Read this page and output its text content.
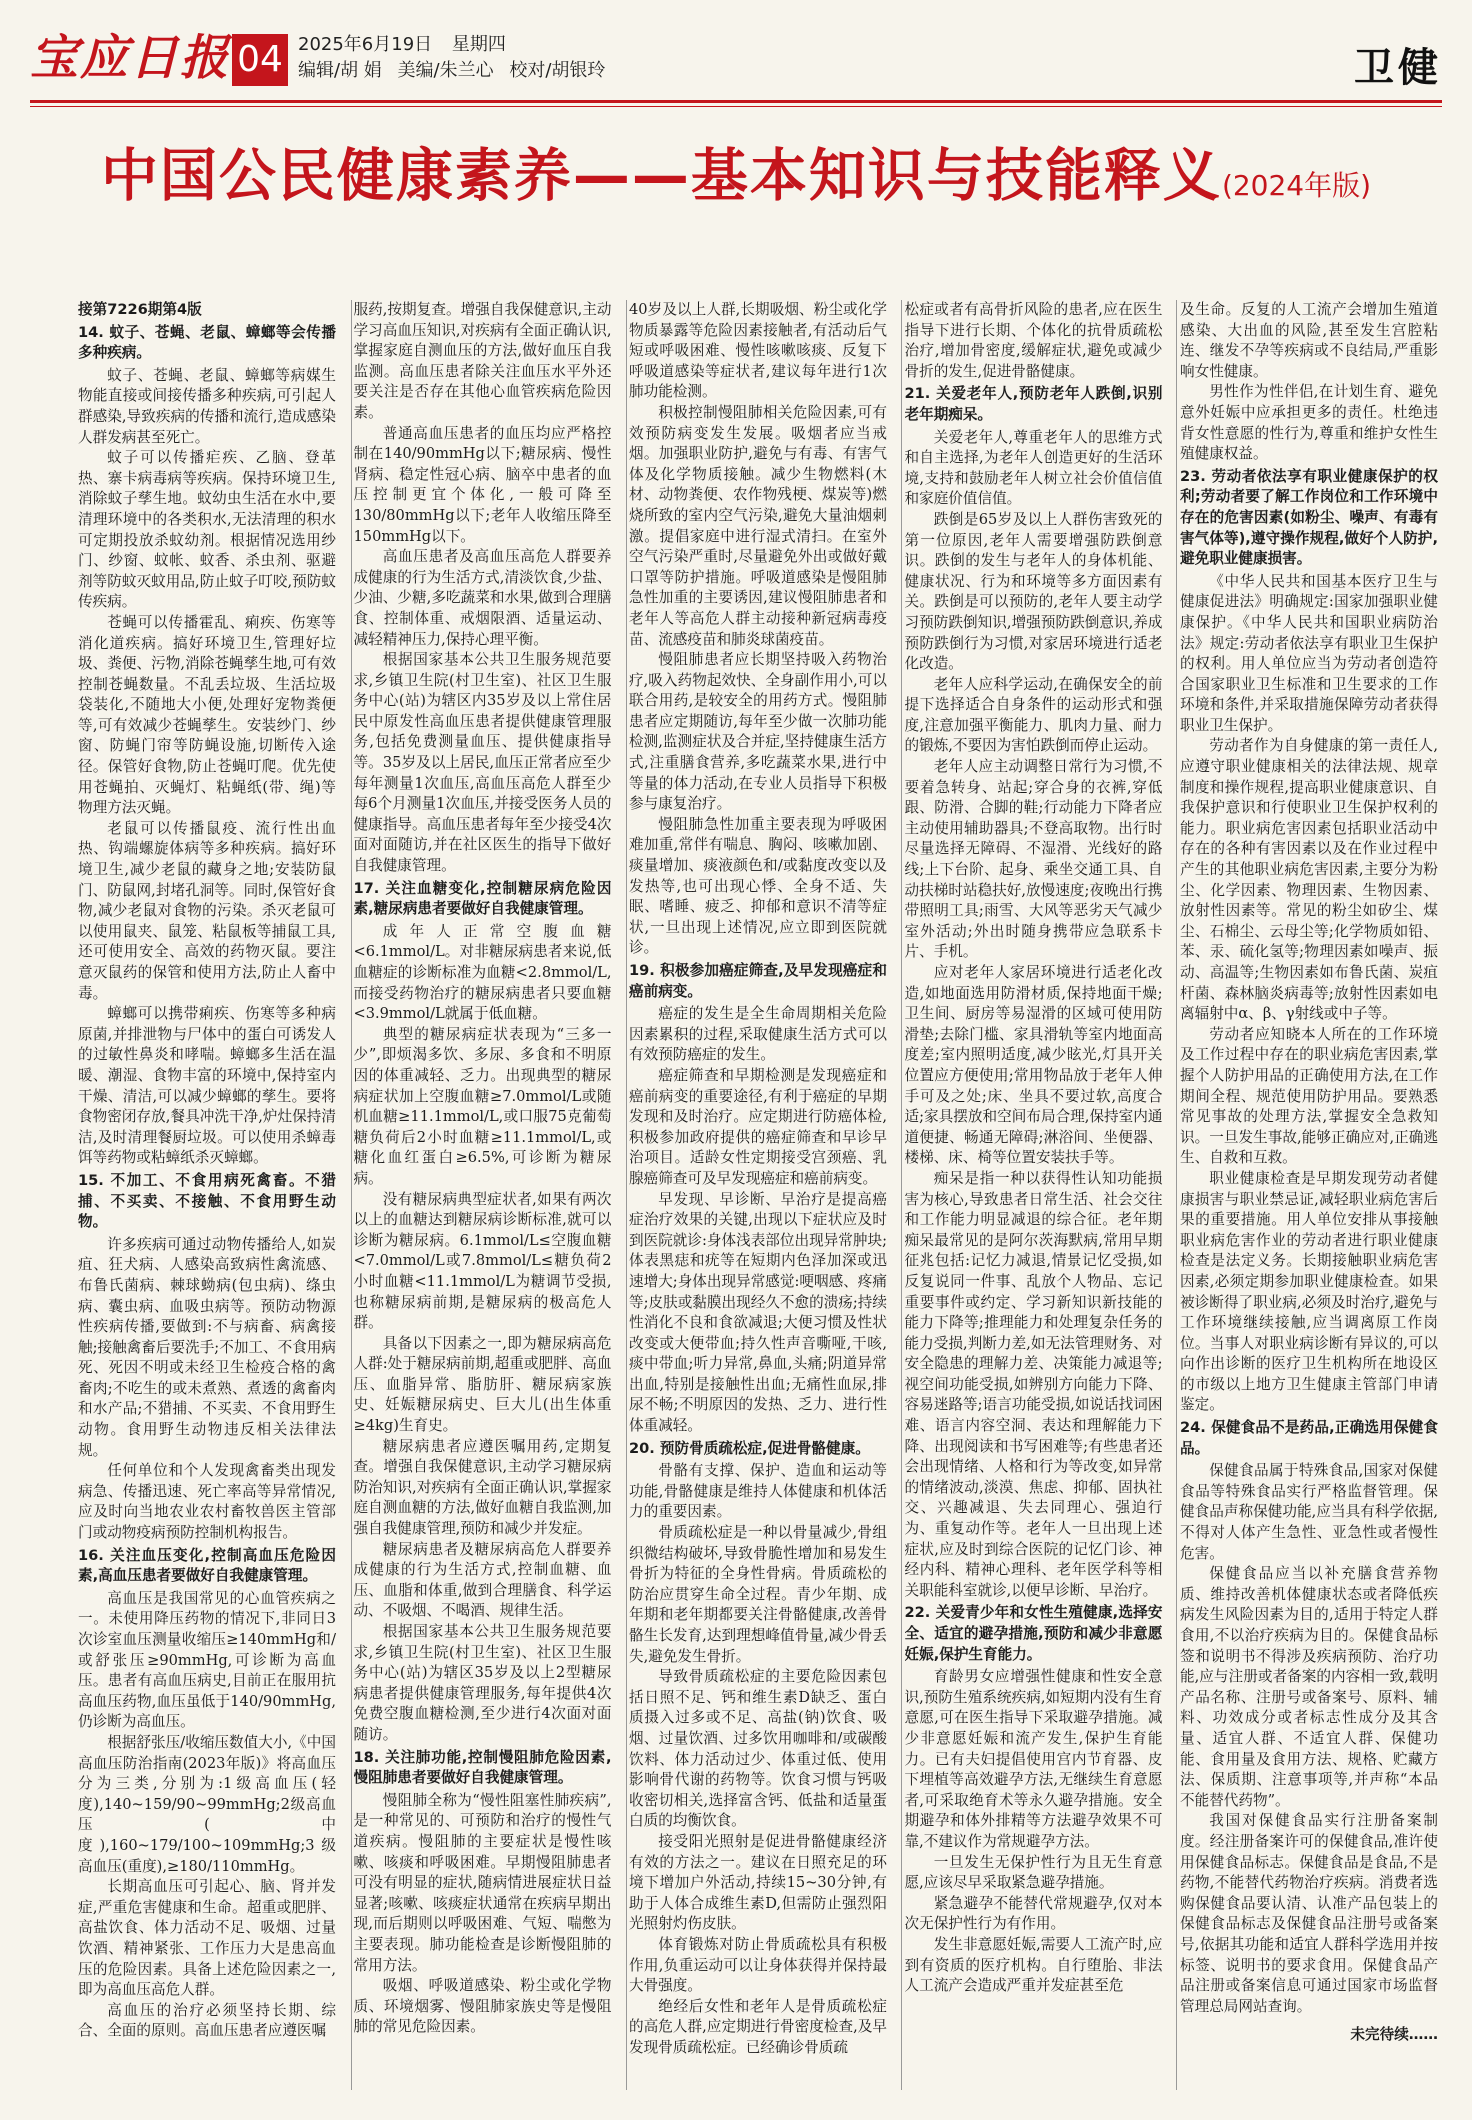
宝应日报 04 2025年6月19日 星期四
编辑/胡 娟 美编/朱兰心 校对/胡银玲	卫健
中国公民健康素养——基本知识与技能释义(2024年版)

接第7226期第4版

14. 蚊子、苍蝇、老鼠、蟑螂等会传播多种疾病。

蚊子、苍蝇、老鼠、蟑螂等病媒生物能直接或间接传播多种疾病,可引起人群感染,导致疾病的传播和流行,造成感染人群发病甚至死亡。

蚊子可以传播疟疾、乙脑、登革热、寨卡病毒病等疾病。保持环境卫生,消除蚊子孳生地。蚊幼虫生活在水中,要清理环境中的各类积水,无法清理的积水可定期投放杀蚊幼剂。根据情况选用纱门、纱窗、蚊帐、蚊香、杀虫剂、驱避剂等防蚊灭蚊用品,防止蚊子叮咬,预防蚊传疾病。

苍蝇可以传播霍乱、痢疾、伤寒等消化道疾病。搞好环境卫生,管理好垃圾、粪便、污物,消除苍蝇孳生地,可有效控制苍蝇数量。不乱丢垃圾、生活垃圾袋装化,不随地大小便,处理好宠物粪便等,可有效减少苍蝇孳生。安装纱门、纱窗、防蝇门帘等防蝇设施,切断传入途径。保管好食物,防止苍蝇叮爬。优先使用苍蝇拍、灭蝇灯、粘蝇纸(带、绳)等物理方法灭蝇。

老鼠可以传播鼠疫、流行性出血热、钩端螺旋体病等多种疾病。搞好环境卫生,减少老鼠的藏身之地;安装防鼠门、防鼠网,封堵孔洞等。同时,保管好食物,减少老鼠对食物的污染。杀灭老鼠可以使用鼠夹、鼠笼、粘鼠板等捕鼠工具,还可使用安全、高效的药物灭鼠。要注意灭鼠药的保管和使用方法,防止人畜中毒。

蟑螂可以携带痢疾、伤寒等多种病原菌,并排泄物与尸体中的蛋白可诱发人的过敏性鼻炎和哮喘。蟑螂多生活在温暖、潮湿、食物丰富的环境中,保持室内干燥、清洁,可以减少蟑螂的孳生。要将食物密闭存放,餐具冲洗干净,炉灶保持清洁,及时清理餐厨垃圾。可以使用杀蟑毒饵等药物或粘蟑纸杀灭蟑螂。

15. 不加工、不食用病死禽畜。不猎捕、不买卖、不接触、不食用野生动物。

许多疾病可通过动物传播给人,如炭疽、狂犬病、人感染高致病性禽流感、布鲁氏菌病、棘球蚴病(包虫病)、绦虫病、囊虫病、血吸虫病等。预防动物源性疾病传播,要做到:不与病畜、病禽接触;接触禽畜后要洗手;不加工、不食用病死、死因不明或未经卫生检疫合格的禽畜肉;不吃生的或未煮熟、煮透的禽畜肉和水产品;不猎捕、不买卖、不食用野生动物。食用野生动物违反相关法律法规。

任何单位和个人发现禽畜类出现发病急、传播迅速、死亡率高等异常情况,应及时向当地农业农村畜牧兽医主管部门或动物疫病预防控制机构报告。

16. 关注血压变化,控制高血压危险因素,高血压患者要做好自我健康管理。

高血压是我国常见的心血管疾病之一。未使用降压药物的情况下,非同日3次诊室血压测量收缩压≥140mmHg和/或舒张压≥90mmHg,可诊断为高血压。患者有高血压病史,目前正在服用抗高血压药物,血压虽低于140/90mmHg,仍诊断为高血压。

根据舒张压/收缩压数值大小,《中国高血压防治指南(2023年版)》将高血压分为三类,分别为:1级高血压(轻度),140~159/90~99mmHg;2级高血压(中度),160~179/100~109mmHg;3级高血压(重度),≥180/110mmHg。

长期高血压可引起心、脑、肾并发症,严重危害健康和生命。超重或肥胖、高盐饮食、体力活动不足、吸烟、过量饮酒、精神紧张、工作压力大是患高血压的危险因素。具备上述危险因素之一,即为高血压高危人群。

高血压的治疗必须坚持长期、综合、全面的原则。高血压患者应遵医嘱

服药,按期复查。增强自我保健意识,主动学习高血压知识,对疾病有全面正确认识,掌握家庭自测血压的方法,做好血压自我监测。高血压患者除关注血压水平外还要关注是否存在其他心血管疾病危险因素。

普通高血压患者的血压均应严格控制在140/90mmHg以下;糖尿病、慢性肾病、稳定性冠心病、脑卒中患者的血压控制更宜个体化,一般可降至130/80mmHg以下;老年人收缩压降至150mmHg以下。

高血压患者及高血压高危人群要养成健康的行为生活方式,清淡饮食,少盐、少油、少糖,多吃蔬菜和水果,做到合理膳食、控制体重、戒烟限酒、适量运动、减轻精神压力,保持心理平衡。

根据国家基本公共卫生服务规范要求,乡镇卫生院(村卫生室)、社区卫生服务中心(站)为辖区内35岁及以上常住居民中原发性高血压患者提供健康管理服务,包括免费测量血压、提供健康指导等。35岁及以上居民,血压正常者应至少每年测量1次血压,高血压高危人群至少每6个月测量1次血压,并接受医务人员的健康指导。高血压患者每年至少接受4次面对面随访,并在社区医生的指导下做好自我健康管理。

17. 关注血糖变化,控制糖尿病危险因素,糖尿病患者要做好自我健康管理。

成年人正常空腹血糖<6.1mmol/L。对非糖尿病患者来说,低血糖症的诊断标准为血糖<2.8mmol/L,而接受药物治疗的糖尿病患者只要血糖<3.9mmol/L就属于低血糖。

典型的糖尿病症状表现为“三多一少”,即烦渴多饮、多尿、多食和不明原因的体重减轻、乏力。出现典型的糖尿病症状加上空腹血糖≥7.0mmol/L或随机血糖≥11.1mmol/L,或口服75克葡萄糖负荷后2小时血糖≥11.1mmol/L,或糖化血红蛋白≥6.5%,可诊断为糖尿病。

没有糖尿病典型症状者,如果有两次以上的血糖达到糖尿病诊断标准,就可以诊断为糖尿病。6.1mmol/L≤空腹血糖<7.0mmol/L或7.8mmol/L≤糖负荷2小时血糖<11.1mmol/L为糖调节受损,也称糖尿病前期,是糖尿病的极高危人群。

具备以下因素之一,即为糖尿病高危人群:处于糖尿病前期,超重或肥胖、高血压、血脂异常、脂肪肝、糖尿病家族史、妊娠糖尿病史、巨大儿(出生体重≥4kg)生育史。

糖尿病患者应遵医嘱用药,定期复查。增强自我保健意识,主动学习糖尿病防治知识,对疾病有全面正确认识,掌握家庭自测血糖的方法,做好血糖自我监测,加强自我健康管理,预防和减少并发症。

糖尿病患者及糖尿病高危人群要养成健康的行为生活方式,控制血糖、血压、血脂和体重,做到合理膳食、科学运动、不吸烟、不喝酒、规律生活。

根据国家基本公共卫生服务规范要求,乡镇卫生院(村卫生室)、社区卫生服务中心(站)为辖区35岁及以上2型糖尿病患者提供健康管理服务,每年提供4次免费空腹血糖检测,至少进行4次面对面随访。

18. 关注肺功能,控制慢阻肺危险因素,慢阻肺患者要做好自我健康管理。

慢阻肺全称为“慢性阻塞性肺疾病”,是一种常见的、可预防和治疗的慢性气道疾病。慢阻肺的主要症状是慢性咳嗽、咳痰和呼吸困难。早期慢阻肺患者可没有明显的症状,随病情进展症状日益显著;咳嗽、咳痰症状通常在疾病早期出现,而后期则以呼吸困难、气短、喘憋为主要表现。肺功能检查是诊断慢阻肺的常用方法。

吸烟、呼吸道感染、粉尘或化学物质、环境烟雾、慢阻肺家族史等是慢阻肺的常见危险因素。

40岁及以上人群,长期吸烟、粉尘或化学物质暴露等危险因素接触者,有活动后气短或呼吸困难、慢性咳嗽咳痰、反复下呼吸道感染等症状者,建议每年进行1次肺功能检测。

积极控制慢阻肺相关危险因素,可有效预防病变发生发展。吸烟者应当戒烟。加强职业防护,避免与有毒、有害气体及化学物质接触。减少生物燃料(木材、动物粪便、农作物残梗、煤炭等)燃烧所致的室内空气污染,避免大量油烟刺激。提倡家庭中进行湿式清扫。在室外空气污染严重时,尽量避免外出或做好戴口罩等防护措施。呼吸道感染是慢阻肺急性加重的主要诱因,建议慢阻肺患者和老年人等高危人群主动接种新冠病毒疫苗、流感疫苗和肺炎球菌疫苗。

慢阻肺患者应长期坚持吸入药物治疗,吸入药物起效快、全身副作用小,可以联合用药,是较安全的用药方式。慢阻肺患者应定期随访,每年至少做一次肺功能检测,监测症状及合并症,坚持健康生活方式,注重膳食营养,多吃蔬菜水果,进行中等量的体力活动,在专业人员指导下积极参与康复治疗。

慢阻肺急性加重主要表现为呼吸困难加重,常伴有喘息、胸闷、咳嗽加剧、痰量增加、痰液颜色和/或黏度改变以及发热等,也可出现心悸、全身不适、失眠、嗜睡、疲乏、抑郁和意识不清等症状,一旦出现上述情况,应立即到医院就诊。

19. 积极参加癌症筛查,及早发现癌症和癌前病变。

癌症的发生是全生命周期相关危险因素累积的过程,采取健康生活方式可以有效预防癌症的发生。

癌症筛查和早期检测是发现癌症和癌前病变的重要途径,有利于癌症的早期发现和及时治疗。应定期进行防癌体检,积极参加政府提供的癌症筛查和早诊早治项目。适龄女性定期接受宫颈癌、乳腺癌筛查可及早发现癌症和癌前病变。

早发现、早诊断、早治疗是提高癌症治疗效果的关键,出现以下症状应及时到医院就诊:身体浅表部位出现异常肿块;体表黑痣和疣等在短期内色泽加深或迅速增大;身体出现异常感觉:哽咽感、疼痛等;皮肤或黏膜出现经久不愈的溃疡;持续性消化不良和食欲减退;大便习惯及性状改变或大便带血;持久性声音嘶哑,干咳,痰中带血;听力异常,鼻血,头痛;阴道异常出血,特别是接触性出血;无痛性血尿,排尿不畅;不明原因的发热、乏力、进行性体重减轻。

20. 预防骨质疏松症,促进骨骼健康。

骨骼有支撑、保护、造血和运动等功能,骨骼健康是维持人体健康和机体活力的重要因素。

骨质疏松症是一种以骨量减少,骨组织微结构破坏,导致骨脆性增加和易发生骨折为特征的全身性骨病。骨质疏松的防治应贯穿生命全过程。青少年期、成年期和老年期都要关注骨骼健康,改善骨骼生长发育,达到理想峰值骨量,减少骨丢失,避免发生骨折。

导致骨质疏松症的主要危险因素包括日照不足、钙和维生素D缺乏、蛋白质摄入过多或不足、高盐(钠)饮食、吸烟、过量饮酒、过多饮用咖啡和/或碳酸饮料、体力活动过少、体重过低、使用影响骨代谢的药物等。饮食习惯与钙吸收密切相关,选择富含钙、低盐和适量蛋白质的均衡饮食。

接受阳光照射是促进骨骼健康经济有效的方法之一。建议在日照充足的环境下增加户外活动,持续15~30分钟,有助于人体合成维生素D,但需防止强烈阳光照射灼伤皮肤。

体育锻炼对防止骨质疏松具有积极作用,负重运动可以让身体获得并保持最大骨强度。

绝经后女性和老年人是骨质疏松症的高危人群,应定期进行骨密度检查,及早发现骨质疏松症。已经确诊骨质疏

松症或者有高骨折风险的患者,应在医生指导下进行长期、个体化的抗骨质疏松治疗,增加骨密度,缓解症状,避免或减少骨折的发生,促进骨骼健康。

21. 关爱老年人,预防老年人跌倒,识别老年期痴呆。

关爱老年人,尊重老年人的思维方式和自主选择,为老年人创造更好的生活环境,支持和鼓励老年人树立社会价值信值和家庭价值信值。

跌倒是65岁及以上人群伤害致死的第一位原因,老年人需要增强防跌倒意识。跌倒的发生与老年人的身体机能、健康状况、行为和环境等多方面因素有关。跌倒是可以预防的,老年人要主动学习预防跌倒知识,增强预防跌倒意识,养成预防跌倒行为习惯,对家居环境进行适老化改造。

老年人应科学运动,在确保安全的前提下选择适合自身条件的运动形式和强度,注意加强平衡能力、肌肉力量、耐力的锻炼,不要因为害怕跌倒而停止运动。

老年人应主动调整日常行为习惯,不要着急转身、站起;穿合身的衣裤,穿低跟、防滑、合脚的鞋;行动能力下降者应主动使用辅助器具;不登高取物。出行时尽量选择无障碍、不湿滑、光线好的路线;上下台阶、起身、乘坐交通工具、自动扶梯时站稳扶好,放慢速度;夜晚出行携带照明工具;雨雪、大风等恶劣天气减少室外活动;外出时随身携带应急联系卡片、手机。

应对老年人家居环境进行适老化改造,如地面选用防滑材质,保持地面干燥;卫生间、厨房等易湿滑的区域可使用防滑垫;去除门槛、家具滑轨等室内地面高度差;室内照明适度,减少眩光,灯具开关位置应方便使用;常用物品放于老年人伸手可及之处;床、坐具不要过软,高度合适;家具摆放和空间布局合理,保持室内通道便捷、畅通无障碍;淋浴间、坐便器、楼梯、床、椅等位置安装扶手等。

痴呆是指一种以获得性认知功能损害为核心,导致患者日常生活、社会交往和工作能力明显减退的综合征。老年期痴呆最常见的是阿尔茨海默病,常用早期征兆包括:记忆力减退,情景记忆受损,如反复说同一件事、乱放个人物品、忘记重要事件或约定、学习新知识新技能的能力下降等;推理能力和处理复杂任务的能力受损,判断力差,如无法管理财务、对安全隐患的理解力差、决策能力减退等;视空间功能受损,如辨别方向能力下降、容易迷路等;语言功能受损,如说话找词困难、语言内容空洞、表达和理解能力下降、出现阅读和书写困难等;有些患者还会出现情绪、人格和行为等改变,如异常的情绪波动,淡漠、焦虑、抑郁、固执社交、兴趣减退、失去同理心、强迫行为、重复动作等。老年人一旦出现上述症状,应及时到综合医院的记忆门诊、神经内科、精神心理科、老年医学科等相关职能科室就诊,以便早诊断、早治疗。

22. 关爱青少年和女性生殖健康,选择安全、适宜的避孕措施,预防和减少非意愿妊娠,保护生育能力。

育龄男女应增强性健康和性安全意识,预防生殖系统疾病,如短期内没有生育意愿,可在医生指导下采取避孕措施。减少非意愿妊娠和流产发生,保护生育能力。已有夫妇提倡使用宫内节育器、皮下埋植等高效避孕方法,无继续生育意愿者,可采取绝育术等永久避孕措施。安全期避孕和体外排精等方法避孕效果不可靠,不建议作为常规避孕方法。

一旦发生无保护性行为且无生育意愿,应该尽早采取紧急避孕措施。

紧急避孕不能替代常规避孕,仅对本次无保护性行为有作用。

发生非意愿妊娠,需要人工流产时,应到有资质的医疗机构。自行堕胎、非法人工流产会造成严重并发症甚至危

及生命。反复的人工流产会增加生殖道感染、大出血的风险,甚至发生宫腔粘连、继发不孕等疾病或不良结局,严重影响女性健康。

男性作为性伴侣,在计划生育、避免意外妊娠中应承担更多的责任。杜绝违背女性意愿的性行为,尊重和维护女性生殖健康权益。

23. 劳动者依法享有职业健康保护的权利;劳动者要了解工作岗位和工作环境中存在的危害因素(如粉尘、噪声、有毒有害气体等),遵守操作规程,做好个人防护,避免职业健康损害。

《中华人民共和国基本医疗卫生与健康促进法》明确规定:国家加强职业健康保护。《中华人民共和国职业病防治法》规定:劳动者依法享有职业卫生保护的权利。用人单位应当为劳动者创造符合国家职业卫生标准和卫生要求的工作环境和条件,并采取措施保障劳动者获得职业卫生保护。

劳动者作为自身健康的第一责任人,应遵守职业健康相关的法律法规、规章制度和操作规程,提高职业健康意识、自我保护意识和行使职业卫生保护权利的能力。职业病危害因素包括职业活动中存在的各种有害因素以及在作业过程中产生的其他职业病危害因素,主要分为粉尘、化学因素、物理因素、生物因素、放射性因素等。常见的粉尘如矽尘、煤尘、石棉尘、云母尘等;化学物质如铅、苯、汞、硫化氢等;物理因素如噪声、振动、高温等;生物因素如布鲁氏菌、炭疽杆菌、森林脑炎病毒等;放射性因素如电离辐射中α、β、γ射线或中子等。

劳动者应知晓本人所在的工作环境及工作过程中存在的职业病危害因素,掌握个人防护用品的正确使用方法,在工作期间全程、规范使用防护用品。要熟悉常见事故的处理方法,掌握安全急救知识。一旦发生事故,能够正确应对,正确逃生、自救和互救。

职业健康检查是早期发现劳动者健康损害与职业禁忌证,减轻职业病危害后果的重要措施。用人单位安排从事接触职业病危害作业的劳动者进行职业健康检查是法定义务。长期接触职业病危害因素,必须定期参加职业健康检查。如果被诊断得了职业病,必须及时治疗,避免与工作环境继续接触,应当调离原工作岗位。当事人对职业病诊断有异议的,可以向作出诊断的医疗卫生机构所在地设区的市级以上地方卫生健康主管部门申请鉴定。

24. 保健食品不是药品,正确选用保健食品。

保健食品属于特殊食品,国家对保健食品等特殊食品实行严格监督管理。保健食品声称保健功能,应当具有科学依据,不得对人体产生急性、亚急性或者慢性危害。

保健食品应当以补充膳食营养物质、维持改善机体健康状态或者降低疾病发生风险因素为目的,适用于特定人群食用,不以治疗疾病为目的。保健食品标签和说明书不得涉及疾病预防、治疗功能,应与注册或者备案的内容相一致,载明产品名称、注册号或备案号、原料、辅料、功效成分或者标志性成分及其含量、适宜人群、不适宜人群、保健功能、食用量及食用方法、规格、贮藏方法、保质期、注意事项等,并声称“本品不能替代药物”。

我国对保健食品实行注册备案制度。经注册备案许可的保健食品,准许使用保健食品标志。保健食品是食品,不是药物,不能替代药物治疗疾病。消费者选购保健食品要认清、认准产品包装上的保健食品标志及保健食品注册号或备案号,依据其功能和适宜人群科学选用并按标签、说明书的要求食用。保健食品产品注册或备案信息可通过国家市场监督管理总局网站查询。

未完待续……
